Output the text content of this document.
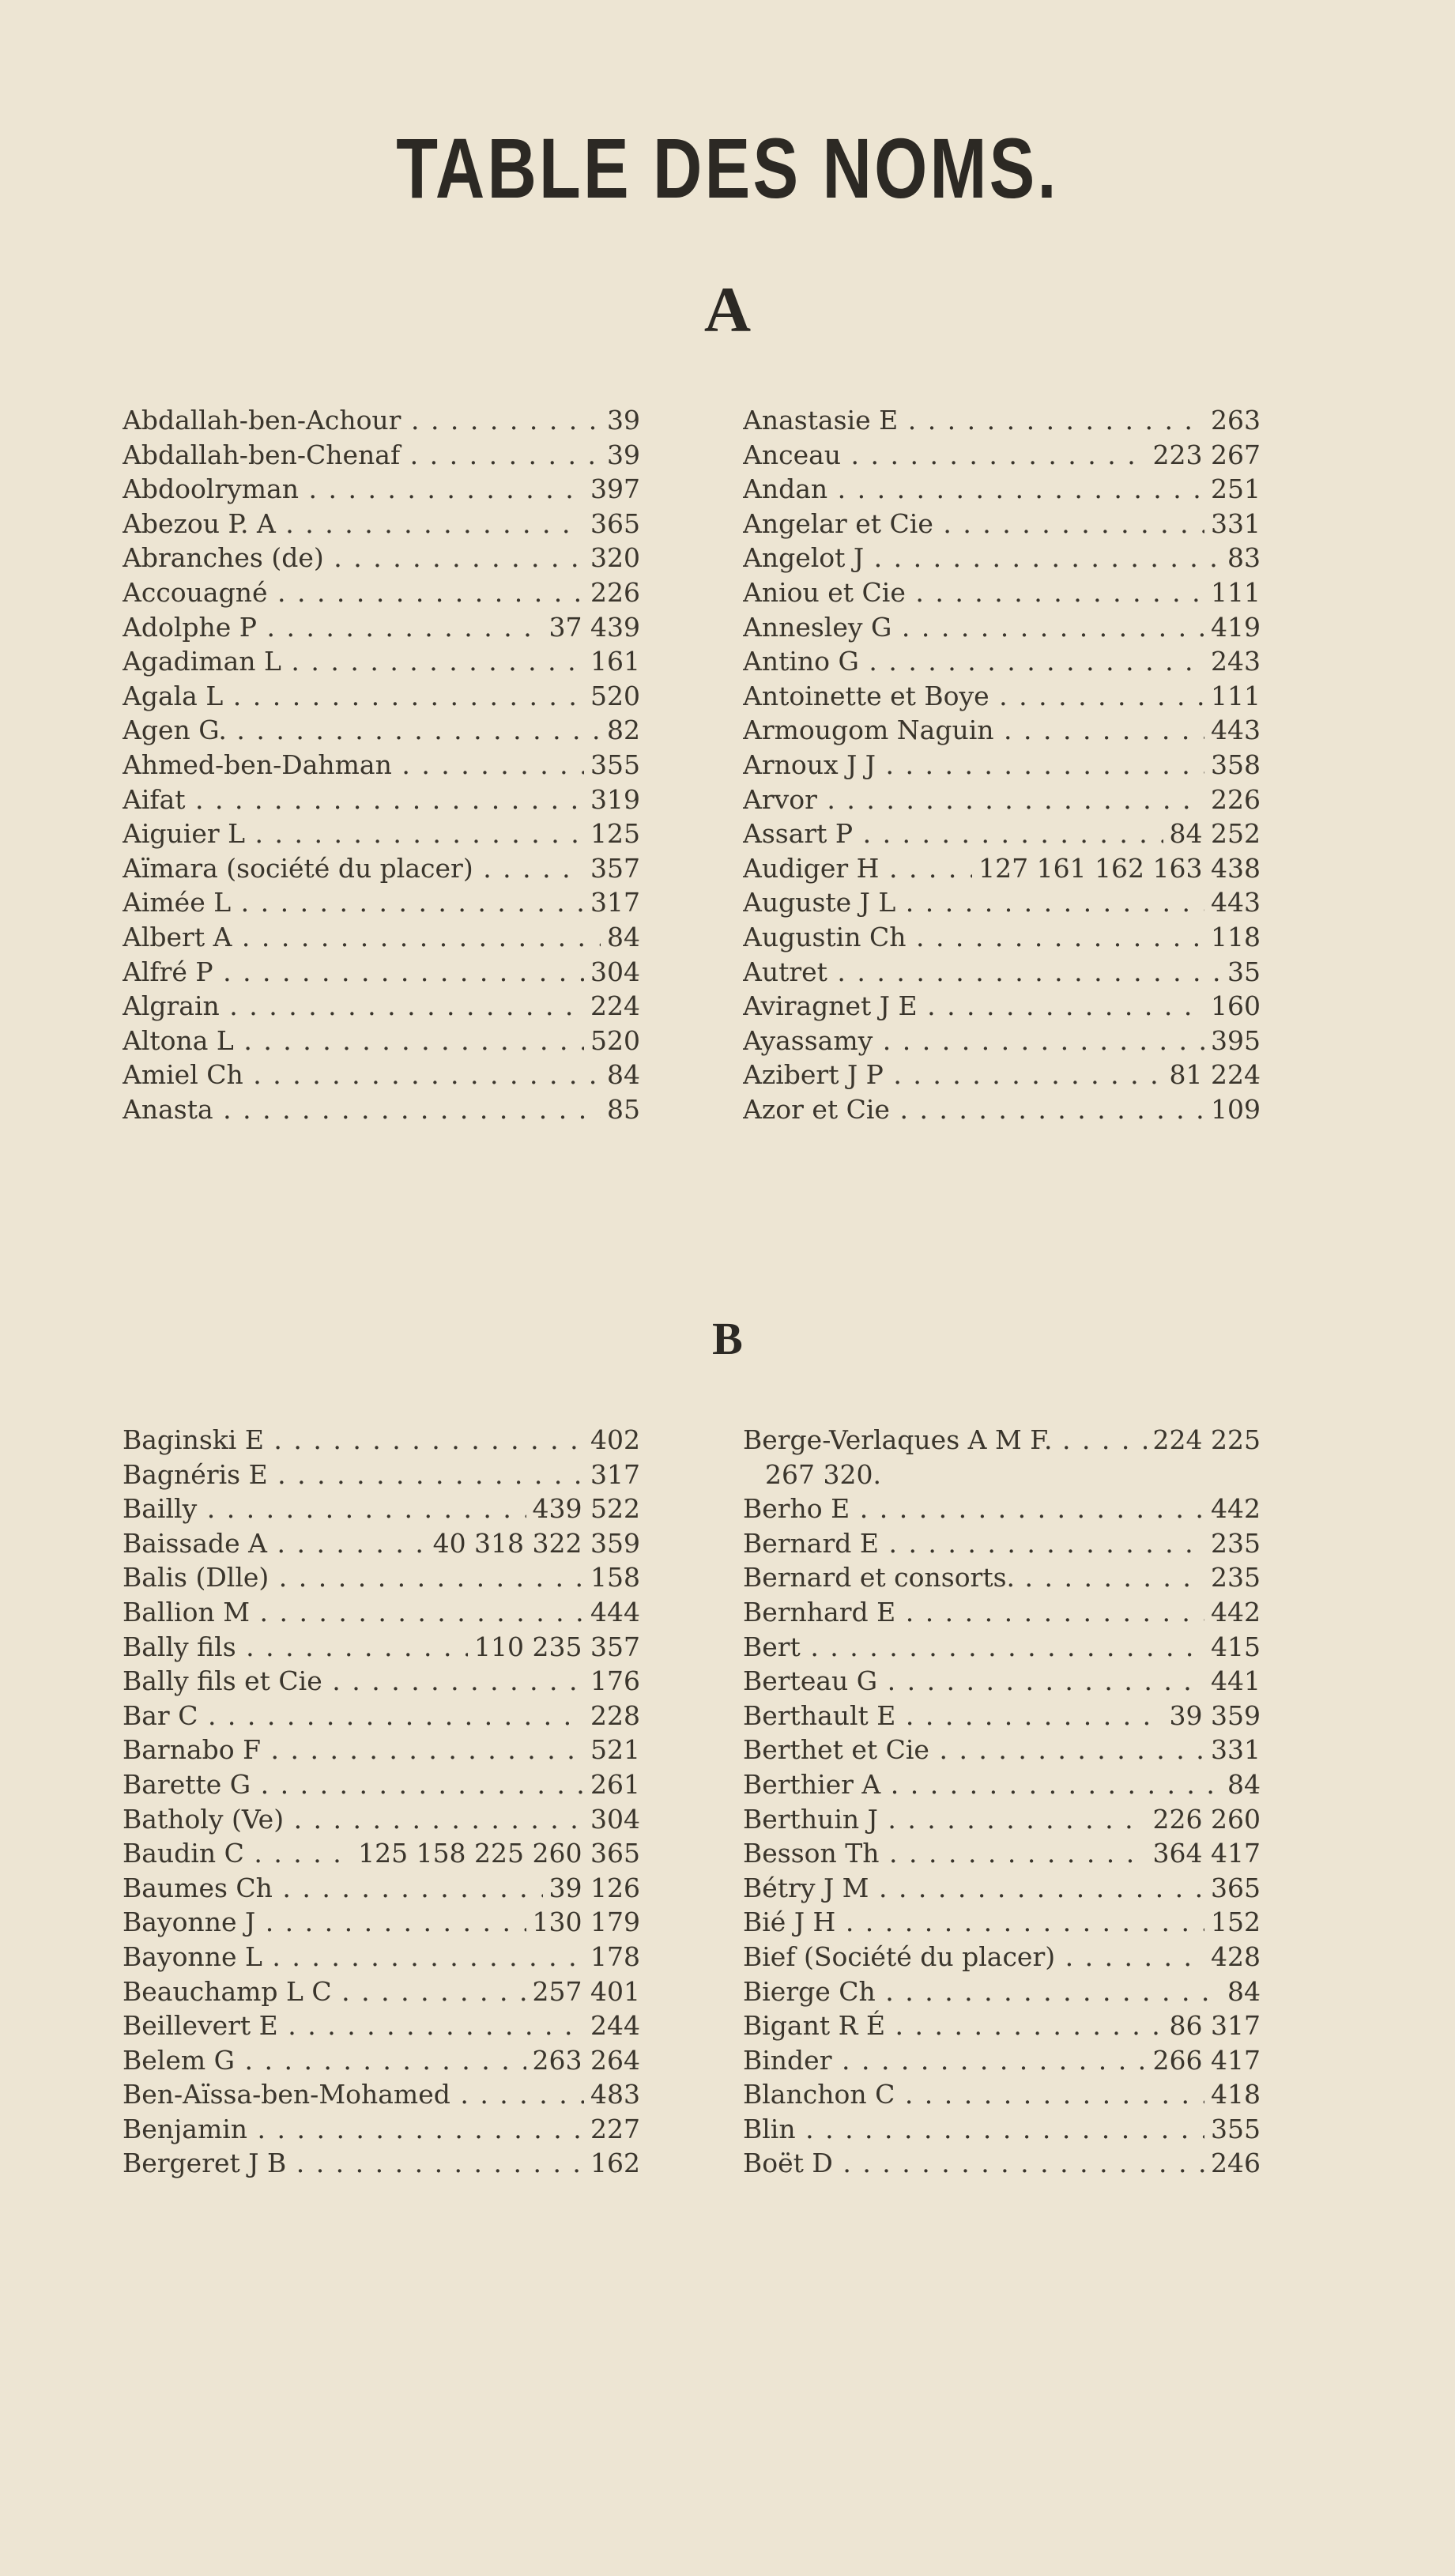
TABLE DES NOMS.
A
Abdallah-ben-Achour . . .	39
Abdallah-ben-Chenaf . . .	39
Abdoolryman . . .	397
Abezou P. A . . .	365
Abranches (de) . . .	320
Accouagné . . .	226
Adolphe P . . .	37 439
Agadiman L . . .	161
Agala L . . .	520
Agen G. . . .	82
Ahmed-ben-Dahman . . .	355
Aifat . . .	319
Aiguier L . . .	125
Aïmara (société du placer) . . .	357
Aimée L . . .	317
Albert A . . .	84
Alfré P . . .	304
Algrain . . .	224
Altona L . . .	520
Amiel Ch . . .	84
Anasta . . .	85
Anastasie E . . .	263
Anceau . . .	223 267
Andan . . .	251
Angelar et Cie . . .	331
Angelot J . . .	83
Aniou et Cie . . .	111
Annesley G . . .	419
Antino G . . .	243
Antoinette et Boye . . .	111
Armougom Naguin . . .	443
Arnoux J J . . .	358
Arvor . . .	226
Assart P . . .	84 252
Audiger H . . .	127 161 162 163 438
Auguste J L . . .	443
Augustin Ch . . .	118
Autret . . .	35
Aviragnet J E . . .	160
Ayassamy . . .	395
Azibert J P . . .	81 224
Azor et Cie . . .	109
B
Baginski E . . .	402
Bagnéris E . . .	317
Bailly . . .	439 522
Baissade A . . .	40 318 322 359
Balis (Dlle) . . .	158
Ballion M . . .	444
Bally fils . . .	110 235 357
Bally fils et Cie . . .	176
Bar C . . .	228
Barnabo F . . .	521
Barette G . . .	261
Batholy (Ve) . . .	304
Baudin C . . .	125 158 225 260 365
Baumes Ch . . .	39 126
Bayonne J . . .	130 179
Bayonne L . . .	178
Beauchamp L C . . .	257 401
Beillevert E . . .	244
Belem G . . .	263 264
Ben-Aïssa-ben-Mohamed . . .	483
Benjamin . . .	227
Bergeret J B . . .	162
Berge-Verlaques A M F. . . .	224 225
267 320.
Berho E . . .	442
Bernard E . . .	235
Bernard et consorts. . . .	235
Bernhard E . . .	442
Bert . . .	415
Berteau G . . .	441
Berthault E . . .	39 359
Berthet et Cie . . .	331
Berthier A . . .	84
Berthuin J . . .	226 260
Besson Th . . .	364 417
Bétry J M . . .	365
Bié J H . . .	152
Bief (Société du placer) . . .	428
Bierge Ch . . .	84
Bigant R É . . .	86 317
Binder . . .	266 417
Blanchon C . . .	418
Blin . . .	355
Boët D . . .	246
